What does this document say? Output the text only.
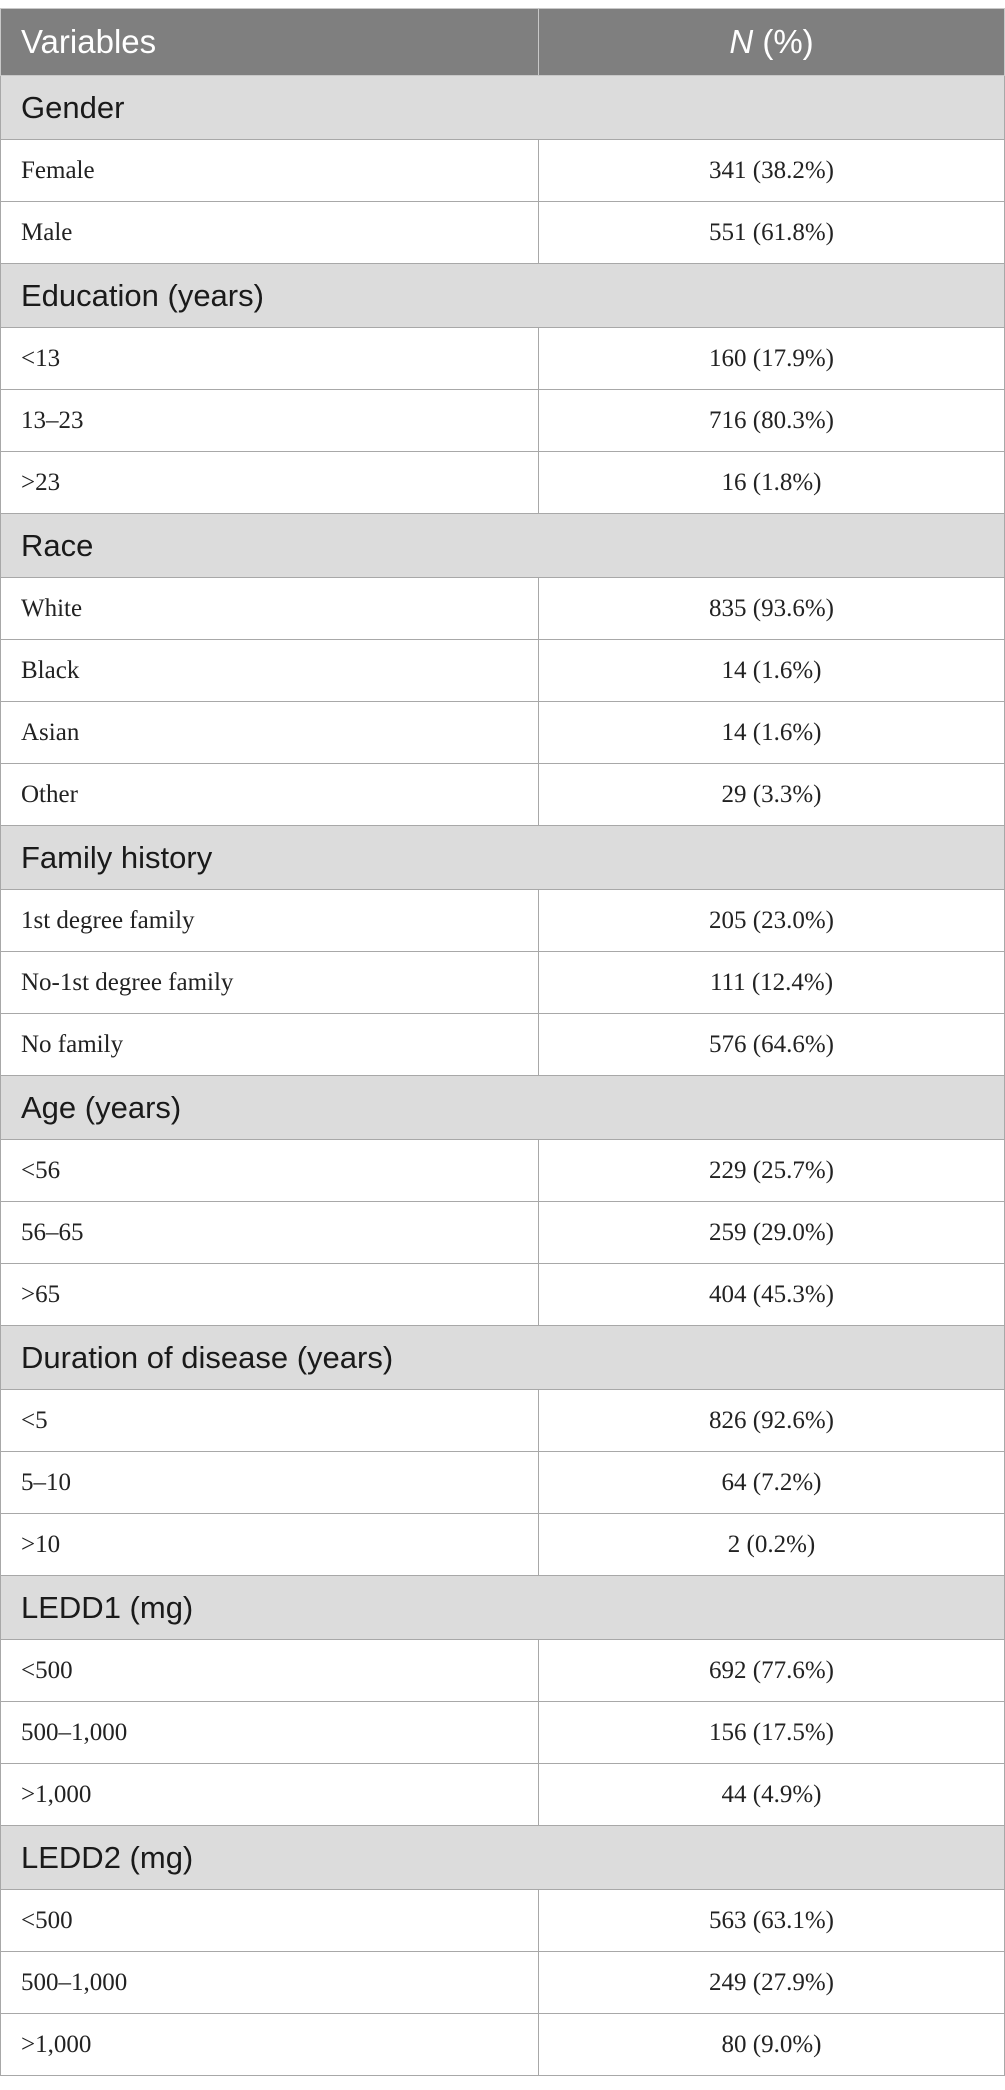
Variables	N (%)
Gender	
Female	341 (38.2%)
Male	551 (61.8%)
Education (years)	
<13	160 (17.9%)
13–23	716 (80.3%)
>23	16 (1.8%)
Race	
White	835 (93.6%)
Black	14 (1.6%)
Asian	14 (1.6%)
Other	29 (3.3%)
Family history	
1st degree family	205 (23.0%)
No-1st degree family	111 (12.4%)
No family	576 (64.6%)
Age (years)	
<56	229 (25.7%)
56–65	259 (29.0%)
>65	404 (45.3%)
Duration of disease (years)	
<5	826 (92.6%)
5–10	64 (7.2%)
>10	2 (0.2%)
LEDD1 (mg)	
<500	692 (77.6%)
500–1,000	156 (17.5%)
>1,000	44 (4.9%)
LEDD2 (mg)	
<500	563 (63.1%)
500–1,000	249 (27.9%)
>1,000	80 (9.0%)
